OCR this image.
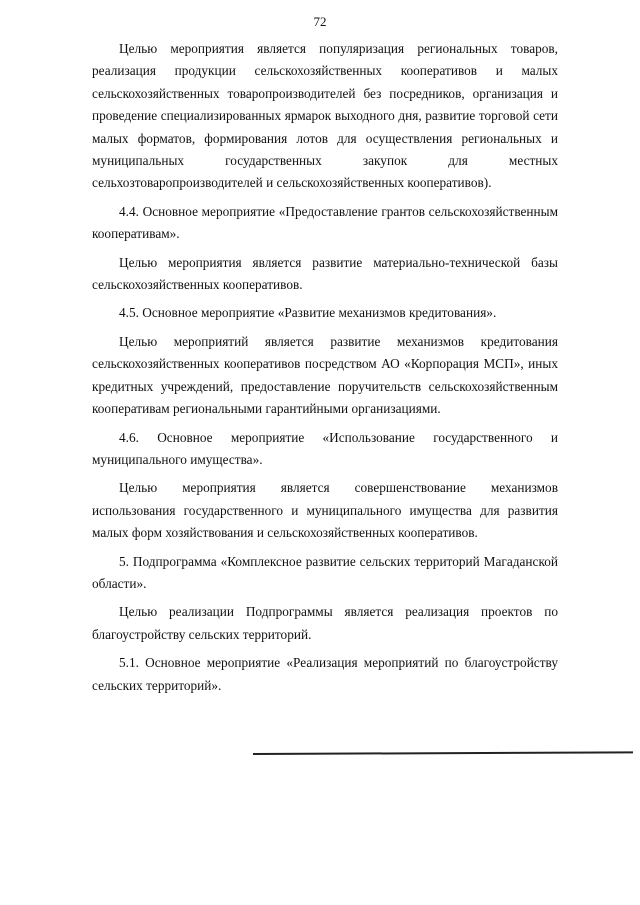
72

Целью мероприятия является популяризация региональных товаров, реализация продукции сельскохозяйственных кооперативов и малых сельскохозяйственных товаропроизводителей без посредников, организация и проведение специализированных ярмарок выходного дня, развитие торговой сети малых форматов, формирования лотов для осуществления региональных и муниципальных государственных закупок для местных сельхозтоваропроизводителей и сельскохозяйственных кооперативов).

4.4. Основное мероприятие «Предоставление грантов сельскохозяйственным кооперативам».

Целью мероприятия является развитие материально-технической базы сельскохозяйственных кооперативов.

4.5. Основное мероприятие «Развитие механизмов кредитования».

Целью мероприятий является развитие механизмов кредитования сельскохозяйственных кооперативов посредством АО «Корпорация МСП», иных кредитных учреждений, предоставление поручительств сельскохозяйственным кооперативам региональными гарантийными организациями.

4.6. Основное мероприятие «Использование государственного и муниципального имущества».

Целью мероприятия является совершенствование механизмов использования государственного и муниципального имущества для развития малых форм хозяйствования и сельскохозяйственных кооперативов.

5. Подпрограмма «Комплексное развитие сельских территорий Магаданской области».

Целью реализации Подпрограммы является реализация проектов по благоустройству сельских территорий.

5.1. Основное мероприятие «Реализация мероприятий по благоустройству сельских территорий».
